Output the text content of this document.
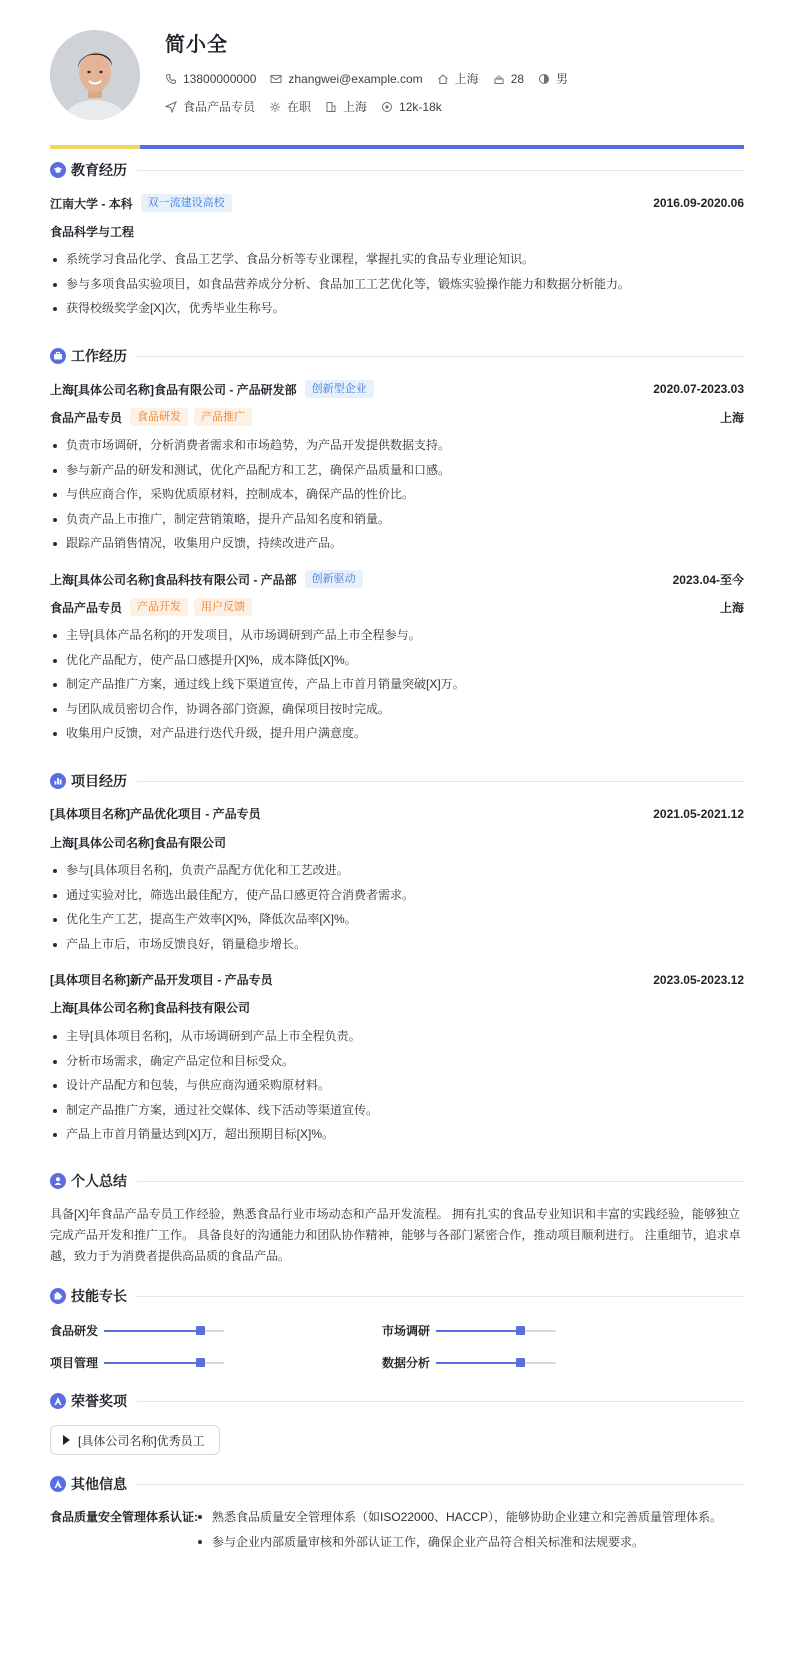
简小全
13800000000	zhangwei@example.com	上海	28	男
食品产品专员	在职	上海	12k-18k
教育经历
江南大学 - 本科	双一流建设高校	2016.09-2020.06
食品科学与工程
系统学习食品化学、食品工艺学、食品分析等专业课程，掌握扎实的食品专业理论知识。
参与多项食品实验项目，如食品营养成分分析、食品加工工艺优化等，锻炼实验操作能力和数据分析能力。
获得校级奖学金[X]次，优秀毕业生称号。
工作经历
上海[具体公司名称]食品有限公司 - 产品研发部	创新型企业	2020.07-2023.03
食品产品专员	食品研发	产品推广	上海
负责市场调研，分析消费者需求和市场趋势，为产品开发提供数据支持。
参与新产品的研发和测试，优化产品配方和工艺，确保产品质量和口感。
与供应商合作，采购优质原材料，控制成本，确保产品的性价比。
负责产品上市推广，制定营销策略，提升产品知名度和销量。
跟踪产品销售情况，收集用户反馈，持续改进产品。
上海[具体公司名称]食品科技有限公司 - 产品部	创新驱动	2023.04-至今
食品产品专员	产品开发	用户反馈	上海
主导[具体产品名称]的开发项目，从市场调研到产品上市全程参与。
优化产品配方，使产品口感提升[X]%，成本降低[X]%。
制定产品推广方案，通过线上线下渠道宣传，产品上市首月销量突破[X]万。
与团队成员密切合作，协调各部门资源，确保项目按时完成。
收集用户反馈，对产品进行迭代升级，提升用户满意度。
项目经历
[具体项目名称]产品优化项目 - 产品专员	2021.05-2021.12
上海[具体公司名称]食品有限公司
参与[具体项目名称]，负责产品配方优化和工艺改进。
通过实验对比，筛选出最佳配方，使产品口感更符合消费者需求。
优化生产工艺，提高生产效率[X]%，降低次品率[X]%。
产品上市后，市场反馈良好，销量稳步增长。
[具体项目名称]新产品开发项目 - 产品专员	2023.05-2023.12
上海[具体公司名称]食品科技有限公司
主导[具体项目名称]，从市场调研到产品上市全程负责。
分析市场需求，确定产品定位和目标受众。
设计产品配方和包装，与供应商沟通采购原材料。
制定产品推广方案，通过社交媒体、线下活动等渠道宣传。
产品上市首月销量达到[X]万，超出预期目标[X]%。
个人总结
具备[X]年食品产品专员工作经验，熟悉食品行业市场动态和产品开发流程。 拥有扎实的食品专业知识和丰富的实践经验，能够独立完成产品开发和推广工作。 具备良好的沟通能力和团队协作精神，能够与各部门紧密合作，推动项目顺利进行。 注重细节，追求卓越，致力于为消费者提供高品质的食品产品。
技能专长
食品研发	市场调研
项目管理	数据分析
荣誉奖项
[具体公司名称]优秀员工
其他信息
食品质量安全管理体系认证:	熟悉食品质量安全管理体系（如ISO22000、HACCP），能够协助企业建立和完善质量管理体系。
参与企业内部质量审核和外部认证工作，确保企业产品符合相关标准和法规要求。
